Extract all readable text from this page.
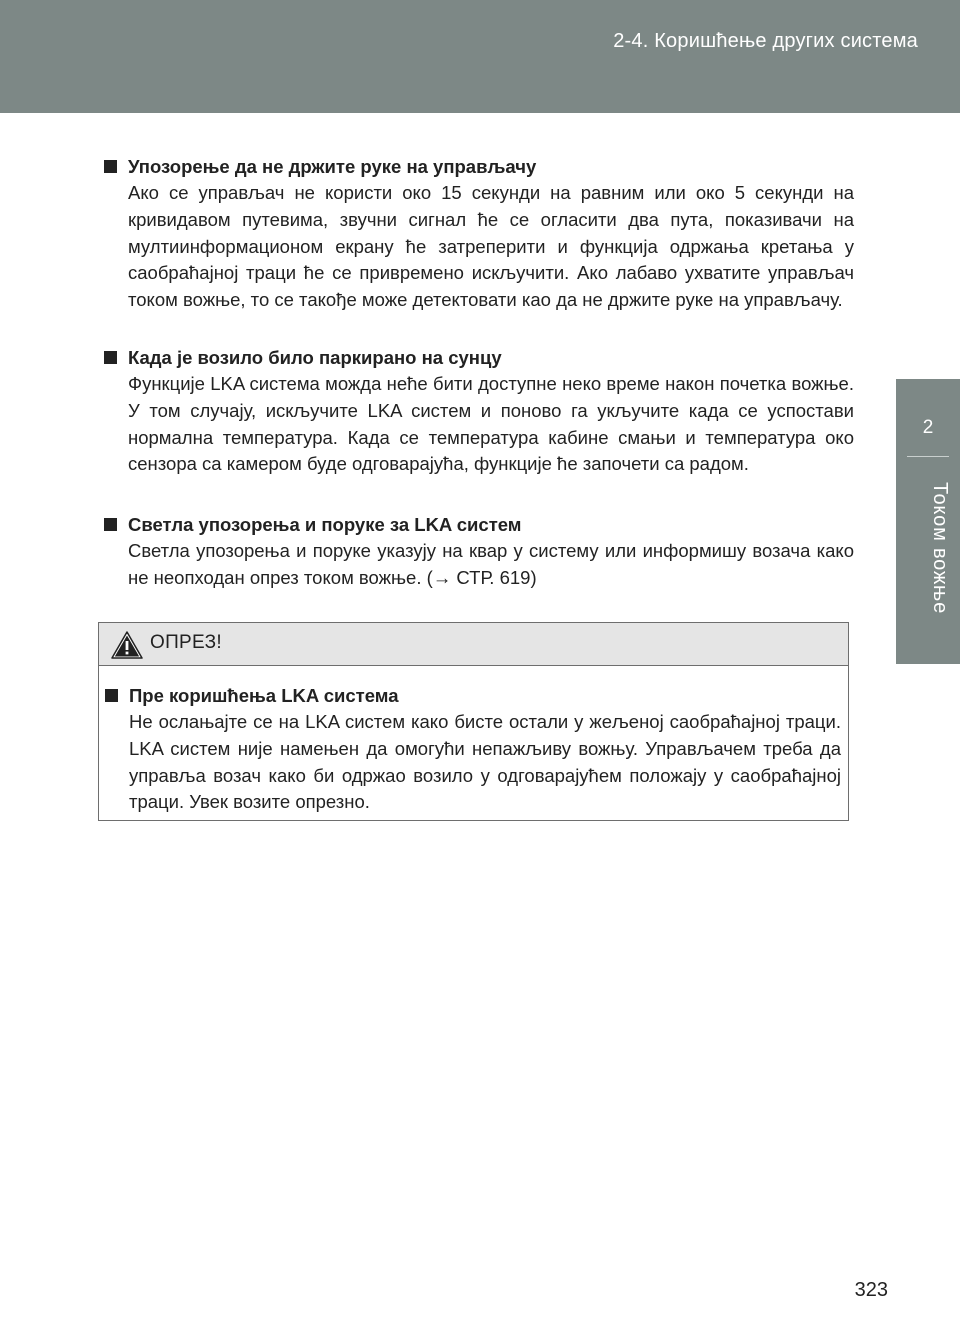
2-4. Коришћење других система
2
Током вожње
Упозорење да не држите руке на управљачу
Ако се управљач не користи око 15 секунди на равним или око 5 секунди на кривидавом путевима, звучни сигнал ће се огласити два пута, показивачи на мултиинформационом екрану ће затреперити и функција одржања кретања у саобраћајној траци ће се привремено искључити. Ако лабаво ухватите управљач током вожње, то се такође може детектовати као да не држите руке на управљачу.
Када је возило било паркирано на сунцу
Функције LKA система можда неће бити доступне неко време након почетка вожње. У том случају, искључите LKA систем и поново га укључите када се успостави нормална температура. Када се температура кабине смањи и температура око сензора са камером буде одговарајућа, функције ће започети са радом.
Светла упозорења и поруке за LKA систем
Светла упозорења и поруке указују на квар у систему или информишу возача како не неопходан опрез током вожње. (→ СТР. 619)
ОПРЕЗ!
Пре коришћења LKA система
Не ослањајте се на LKA систем како бисте остали у жељеној саобраћајној траци. LKA систем није намењен да омогући непажљиву вожњу. Управљачем треба да управља возач како би одржао возило у одговарајућем положају у саобраћајној траци. Увек возите опрезно.
323
